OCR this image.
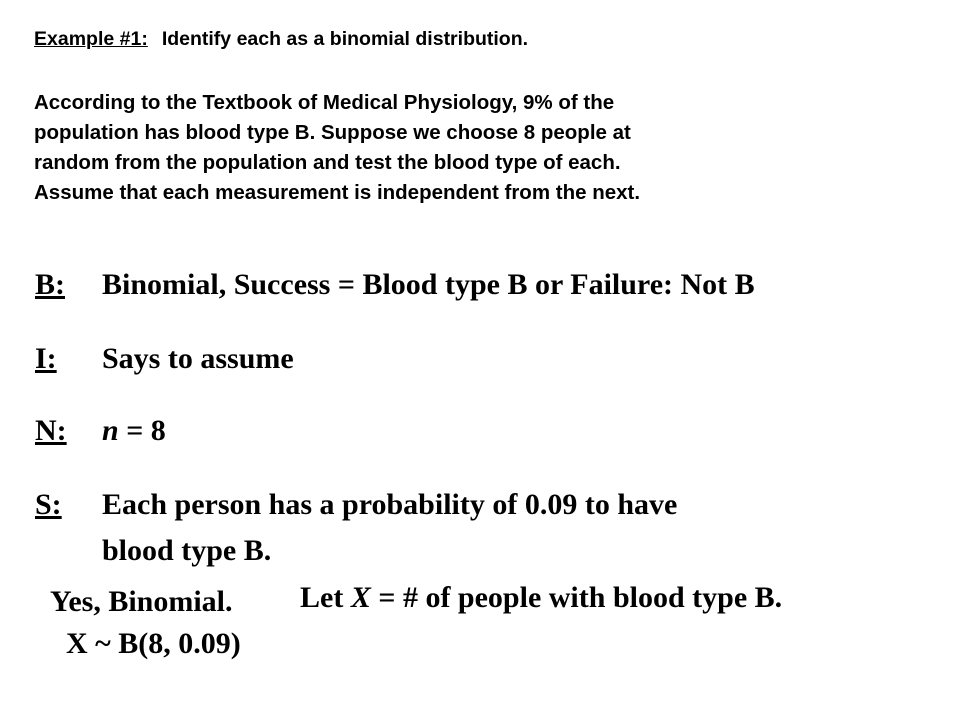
Example #1: Identify each as a binomial distribution.
According to the Textbook of Medical Physiology, 9% of the
population has blood type B. Suppose we choose 8 people at
random from the population and test the blood type of each.
Assume that each measurement is independent from the next.
B: Binomial, Success = Blood type B or Failure: Not B
I: Says to assume
N: n = 8
S: Each person has a probability of 0.09 to have
blood type B.
Yes, Binomial. Let X = # of people with blood type B.
X ~ B(8, 0.09)
